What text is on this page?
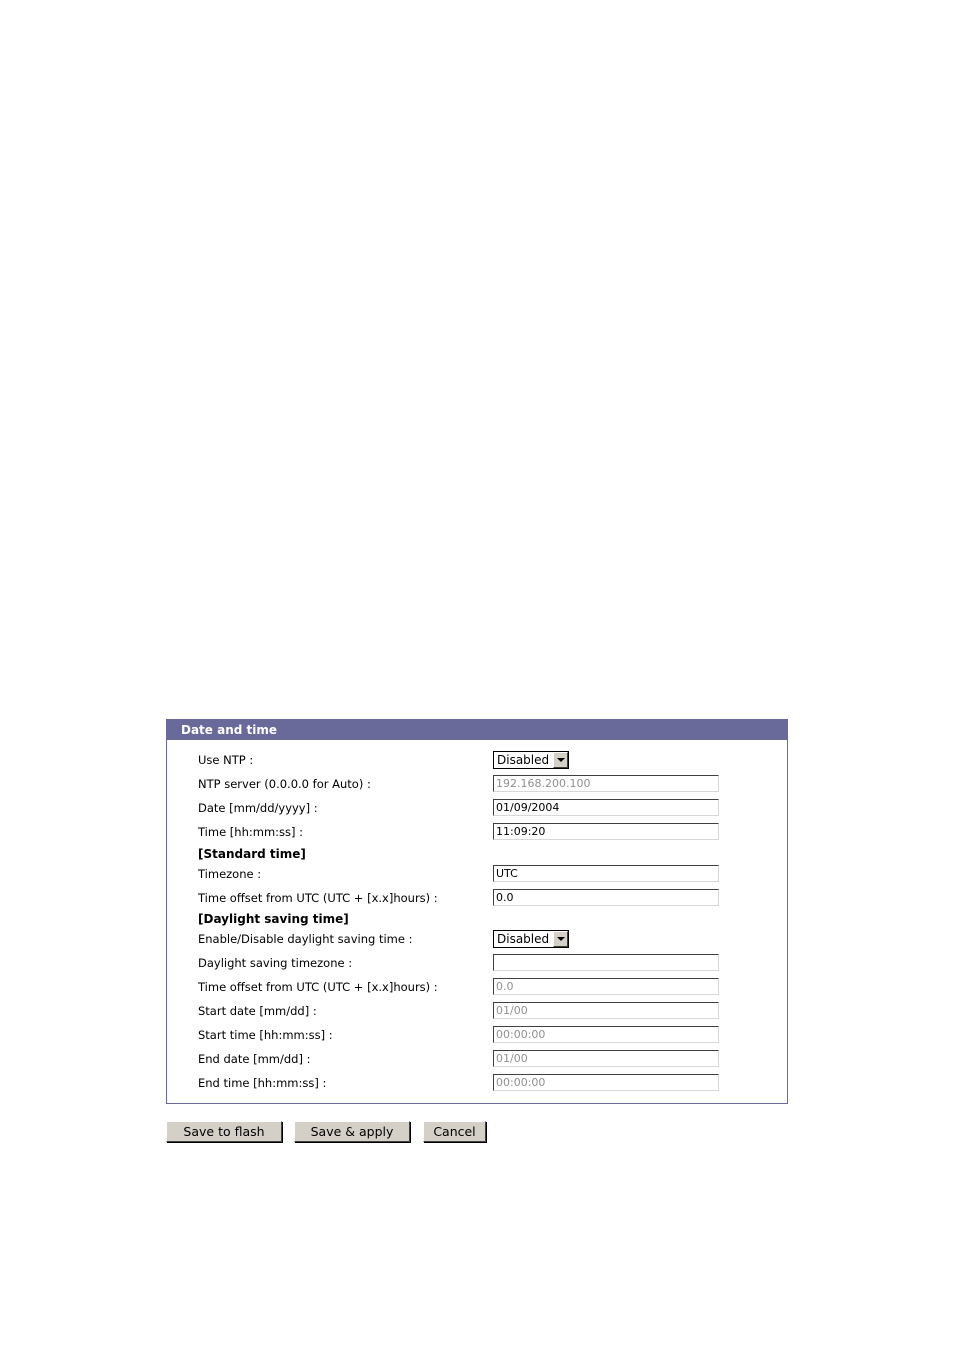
Date and time
Use NTP :	Disabled
NTP server (0.0.0.0 for Auto) :
192.168.200.100
Date [mm/dd/yyyy] :
01/09/2004
Time [hh:mm:ss] :
11:09:20
[Standard time]
Timezone :
UTC
Time offset from UTC (UTC + [x.x]hours) :
0.0
[Daylight saving time]
Enable/Disable daylight saving time :	Disabled
Daylight saving timezone :
Time offset from UTC (UTC + [x.x]hours) :
0.0
Start date [mm/dd] :
01/00
Start time [hh:mm:ss] :
00:00:00
End date [mm/dd] :
01/00
End time [hh:mm:ss] :
00:00:00
Save to flash	Save & apply	Cancel
